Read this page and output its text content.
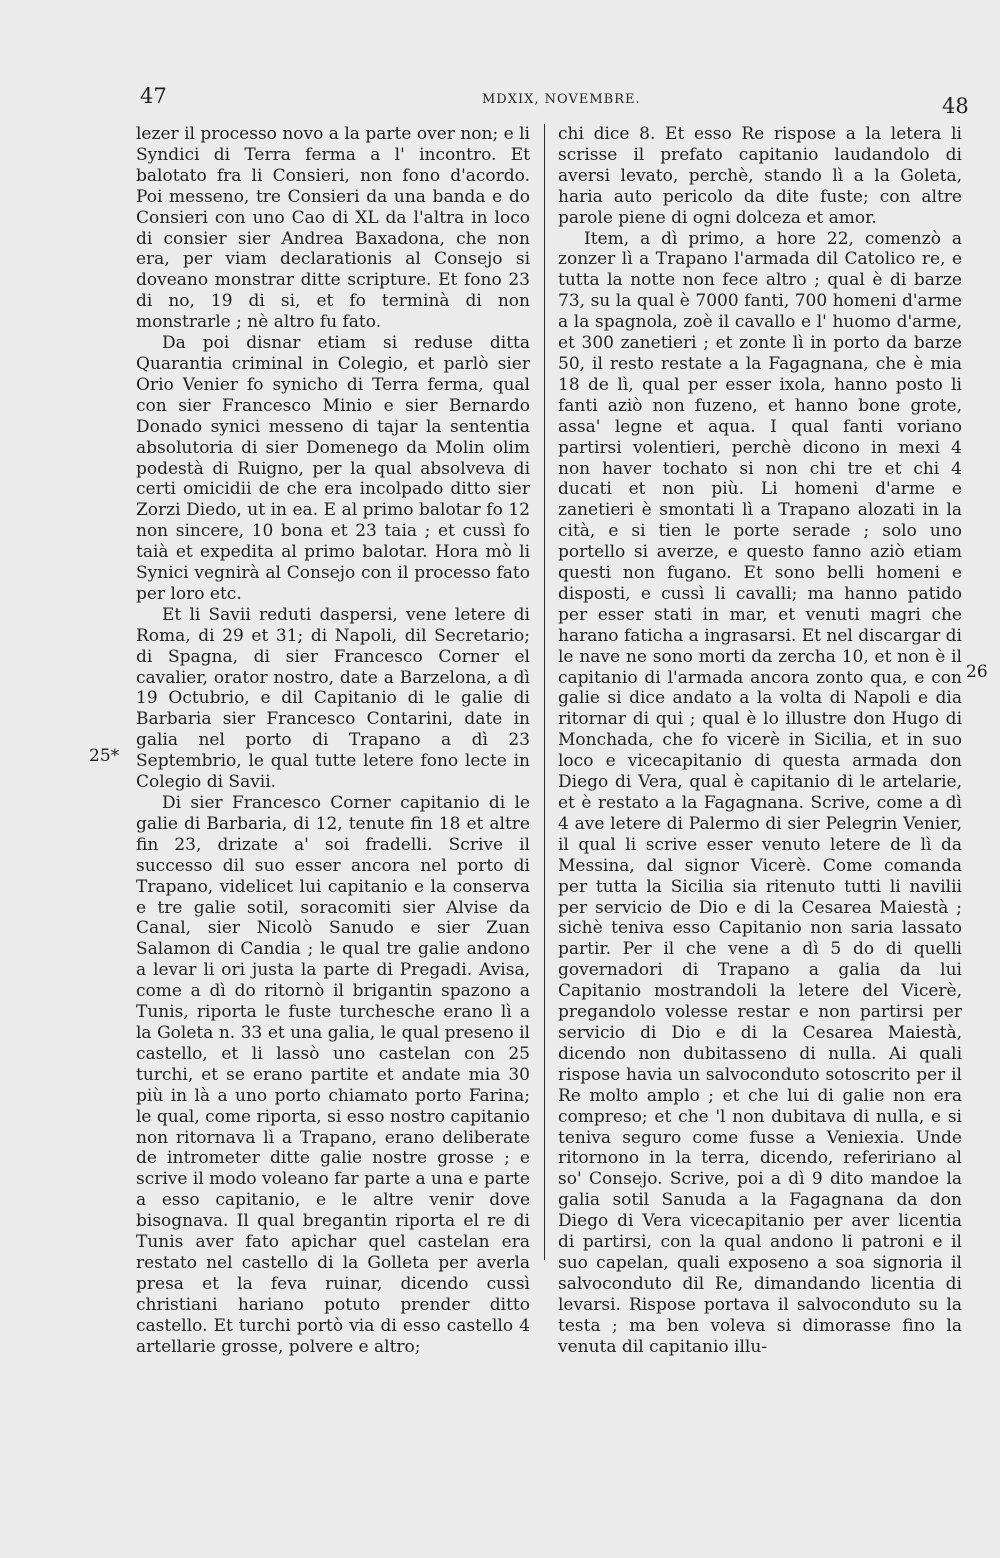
47	MDXIX, NOVEMBRE.	48
25*
26

lezer il processo novo a la parte over non; e li Syndici di Terra ferma a l' incontro. Et balotato fra li Consieri, non fono d'acordo. Poi messeno, tre Consieri da una banda e do Consieri con uno Cao di XL da l'altra in loco di consier sier Andrea Baxadona, che non era, per viam declarationis al Consejo si doveano monstrar ditte scripture. Et fono 23 di no, 19 di si, et fo terminà di non monstrarle ; nè altro fu fato.

Da poi disnar etiam si reduse ditta Quarantia criminal in Colegio, et parlò sier Orio Venier fo synicho di Terra ferma, qual con sier Francesco Minio e sier Bernardo Donado synici messeno di tajar la sententia absolutoria di sier Domenego da Molin olim podestà di Ruigno, per la qual absolveva di certi omicidii de che era incolpado ditto sier Zorzi Diedo, ut in ea. E al primo balotar fo 12 non sincere, 10 bona et 23 taia ; et cussì fo taià et expedita al primo balotar. Hora mò li Synici vegnirà al Consejo con il processo fato per loro etc.

Et li Savii reduti daspersi, vene letere di Roma, di 29 et 31; di Napoli, dil Secretario; di Spagna, di sier Francesco Corner el cavalier, orator nostro, date a Barzelona, a dì 19 Octubrio, e dil Capitanio di le galie di Barbaria sier Francesco Contarini, date in galia nel porto di Trapano a dì 23 Septembrio, le qual tutte letere fono lecte in Colegio di Savii.

Di sier Francesco Corner capitanio di le galie di Barbaria, di 12, tenute fin 18 et altre fin 23, drizate a' soi fradelli. Scrive il successo dil suo esser ancora nel porto di Trapano, videlicet lui capitanio e la conserva e tre galie sotil, soracomiti sier Alvise da Canal, sier Nicolò Sanudo e sier Zuan Salamon di Candia ; le qual tre galie andono a levar li ori justa la parte di Pregadi. Avisa, come a dì do ritornò il brigantin spazono a Tunis, riporta le fuste turchesche erano lì a la Goleta n. 33 et una galia, le qual preseno il castello, et li lassò uno castelan con 25 turchi, et se erano partite et andate mia 30 più in là a uno porto chiamato porto Farina; le qual, come riporta, si esso nostro capitanio non ritornava lì a Trapano, erano deliberate de intrometer ditte galie nostre grosse ; e scrive il modo voleano far parte a una e parte a esso capitanio, e le altre venir dove bisognava. Il qual bregantin riporta el re di Tunis aver fato apichar quel castelan era restato nel castello di la Golleta per averla presa et la feva ruinar, dicendo cussì christiani hariano potuto prender ditto castello. Et turchi portò via di esso castello 4 artellarie grosse, polvere e altro;

chi dice 8. Et esso Re rispose a la letera li scrisse il prefato capitanio laudandolo di aversi levato, perchè, stando lì a la Goleta, haria auto pericolo da dite fuste; con altre parole piene di ogni dolceza et amor.

Item, a dì primo, a hore 22, comenzò a zonzer lì a Trapano l'armada dil Catolico re, e tutta la notte non fece altro ; qual è di barze 73, su la qual è 7000 fanti, 700 homeni d'arme a la spagnola, zoè il cavallo e l' huomo d'arme, et 300 zanetieri ; et zonte lì in porto da barze 50, il resto restate a la Fagagnana, che è mia 18 de lì, qual per esser ixola, hanno posto li fanti aziò non fuzeno, et hanno bone grote, assa' legne et aqua. I qual fanti voriano partirsi volentieri, perchè dicono in mexi 4 non haver tochato si non chi tre et chi 4 ducati et non più. Li homeni d'arme e zanetieri è smontati lì a Trapano alozati in la cità, e si tien le porte serade ; solo uno portello si averze, e questo fanno aziò etiam questi non fugano. Et sono belli homeni e disposti, e cussì li cavalli; ma hanno patido per esser stati in mar, et venuti magri che harano faticha a ingrasarsi. Et nel discargar di le nave ne sono morti da zercha 10, et non è il capitanio di l'armada ancora zonto qua, e con galie si dice andato a la volta di Napoli e dia ritornar di qui ; qual è lo illustre don Hugo di Monchada, che fo vicerè in Sicilia, et in suo loco e vicecapitanio di questa armada don Diego di Vera, qual è capitanio di le artelarie, et è restato a la Fagagnana. Scrive, come a dì 4 ave letere di Palermo di sier Pelegrin Venier, il qual li scrive esser venuto letere de lì da Messina, dal signor Vicerè. Come comanda per tutta la Sicilia sia ritenuto tutti li navilii per servicio de Dio e di la Cesarea Maiestà ; sichè teniva esso Capitanio non saria lassato partir. Per il che vene a dì 5 do di quelli governadori di Trapano a galia da lui Capitanio mostrandoli la letere del Vicerè, pregandolo volesse restar e non partirsi per servicio di Dio e di la Cesarea Maiestà, dicendo non dubitasseno di nulla. Ai quali rispose havia un salvoconduto sotoscrito per il Re molto amplo ; et che lui di galie non era compreso; et che 'l non dubitava di nulla, e si teniva seguro come fusse a Veniexia. Unde ritornono in la terra, dicendo, refeririano al so' Consejo. Scrive, poi a dì 9 dito mandoe la galia sotil Sanuda a la Fagagnana da don Diego di Vera vicecapitanio per aver licentia di partirsi, con la qual andono li patroni e il suo capelan, quali exposeno a soa signoria il salvoconduto dil Re, dimandando licentia di levarsi. Rispose portava il salvoconduto su la testa ; ma ben voleva si dimorasse fino la venuta dil capitanio illu-
